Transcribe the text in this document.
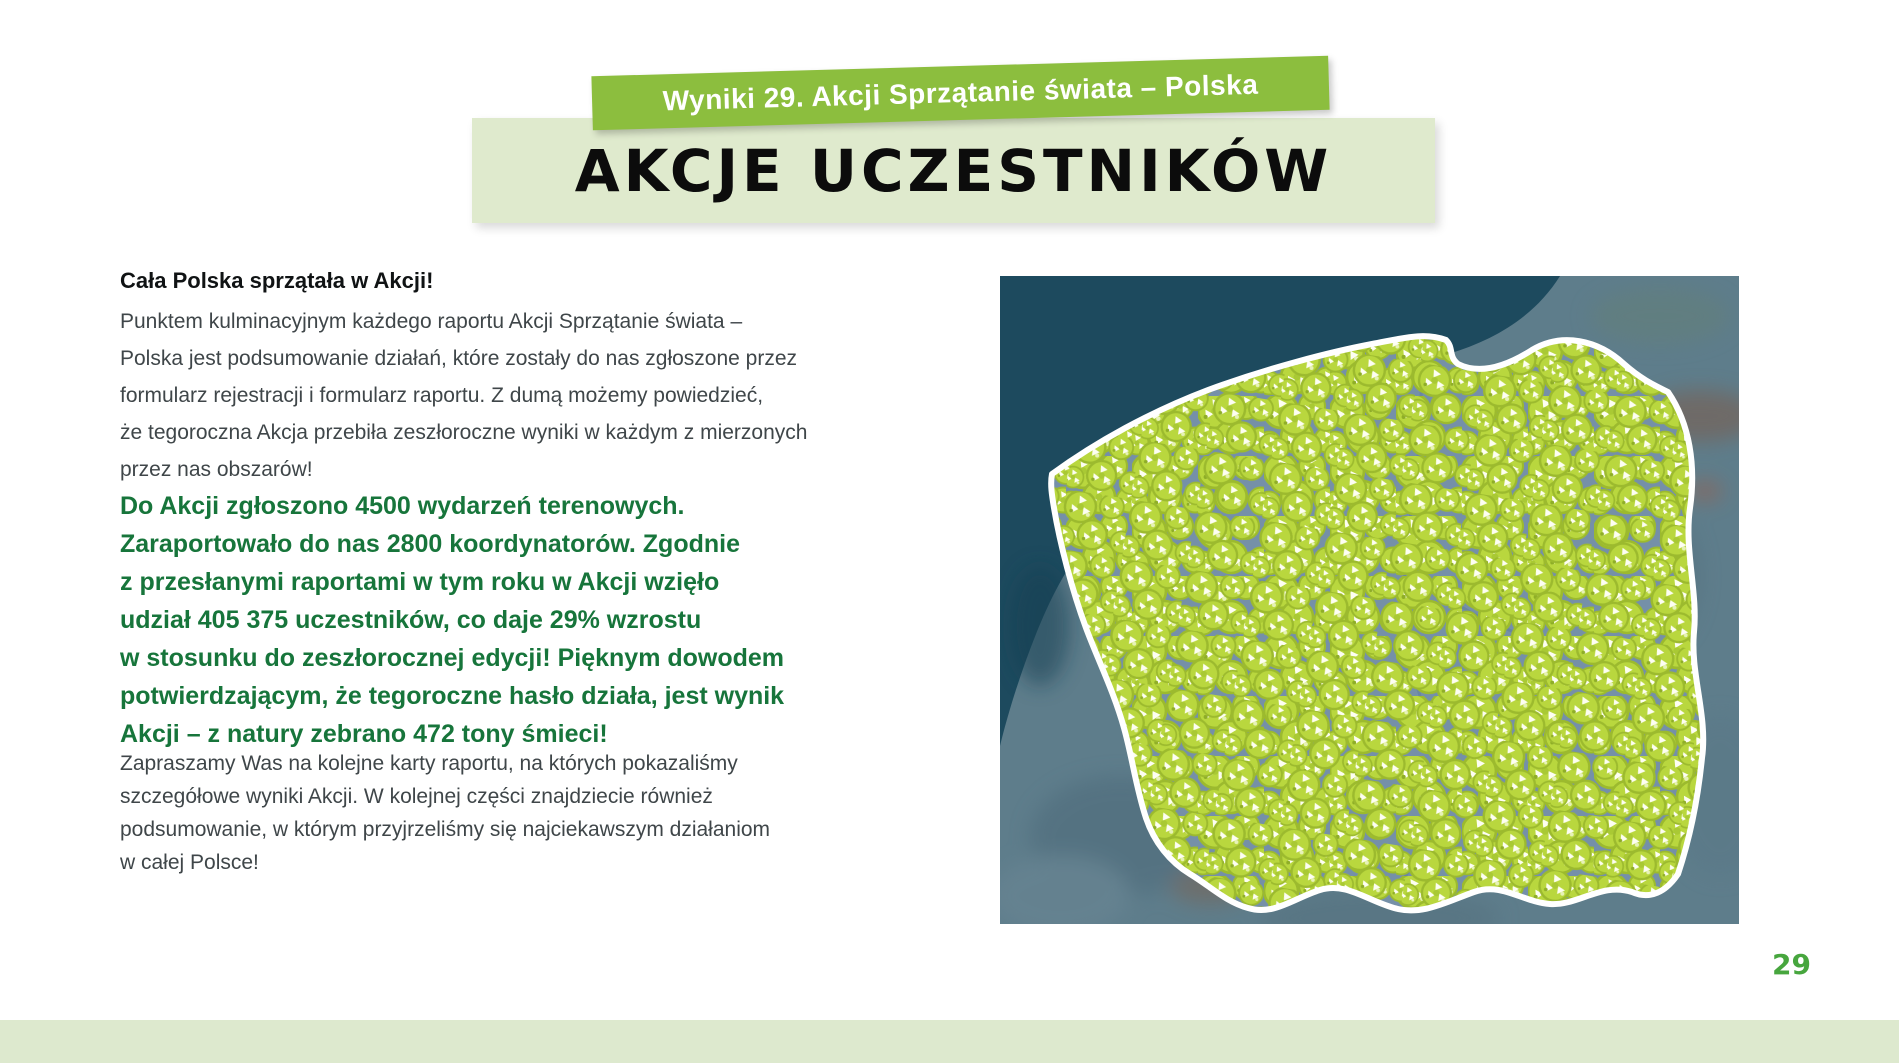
Wyniki 29. Akcji Sprzątanie świata – Polska
AKCJE UCZESTNIKÓW
Cała Polska sprzątała w Akcji!
Punktem kulminacyjnym każdego raportu Akcji Sprzątanie świata –
Polska jest podsumowanie działań, które zostały do nas zgłoszone przez
formularz rejestracji i formularz raportu. Z dumą możemy powiedzieć,
że tegoroczna Akcja przebiła zeszłoroczne wyniki w każdym z mierzonych
przez nas obszarów!
Do Akcji zgłoszono 4500 wydarzeń terenowych.
Zaraportowało do nas 2800 koordynatorów. Zgodnie
z przesłanymi raportami w tym roku w Akcji wzięło
udział 405 375 uczestników, co daje 29% wzrostu
w stosunku do zeszłorocznej edycji! Pięknym dowodem
potwierdzającym, że tegoroczne hasło działa, jest wynik
Akcji – z natury zebrano 472 tony śmieci!
Zapraszamy Was na kolejne karty raportu, na których pokazaliśmy
szczegółowe wyniki Akcji. W kolejnej części znajdziecie również
podsumowanie, w którym przyjrzeliśmy się najciekawszym działaniom
w całej Polsce!
29
